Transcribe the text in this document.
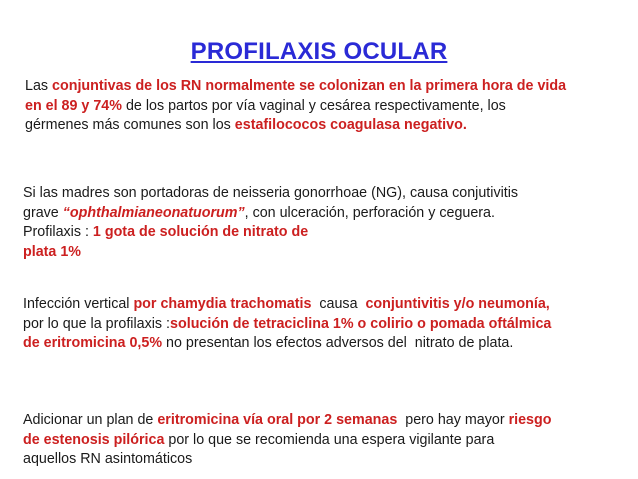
PROFILAXIS OCULAR
Las conjuntivas de los RN normalmente se colonizan en la primera hora de vida
en el 89 y 74% de los partos por vía vaginal y cesárea respectivamente, los
gérmenes más comunes son los estafilococos coagulasa negativo.
Si las madres son portadoras de neisseria gonorrhoae (NG), causa conjutivitis
grave “ophthalmianeonatuorum”, con ulceración, perforación y ceguera.
Profilaxis : 1 gota de solución de nitrato de
plata 1%
Infección vertical por chamydia trachomatis  causa  conjuntivitis y/o neumonía,
por lo que la profilaxis :solución de tetraciclina 1% o colirio o pomada oftálmica
de eritromicina 0,5% no presentan los efectos adversos del  nitrato de plata.
Adicionar un plan de eritromicina vía oral por 2 semanas  pero hay mayor riesgo
de estenosis pilórica por lo que se recomienda una espera vigilante para
aquellos RN asintomáticos
